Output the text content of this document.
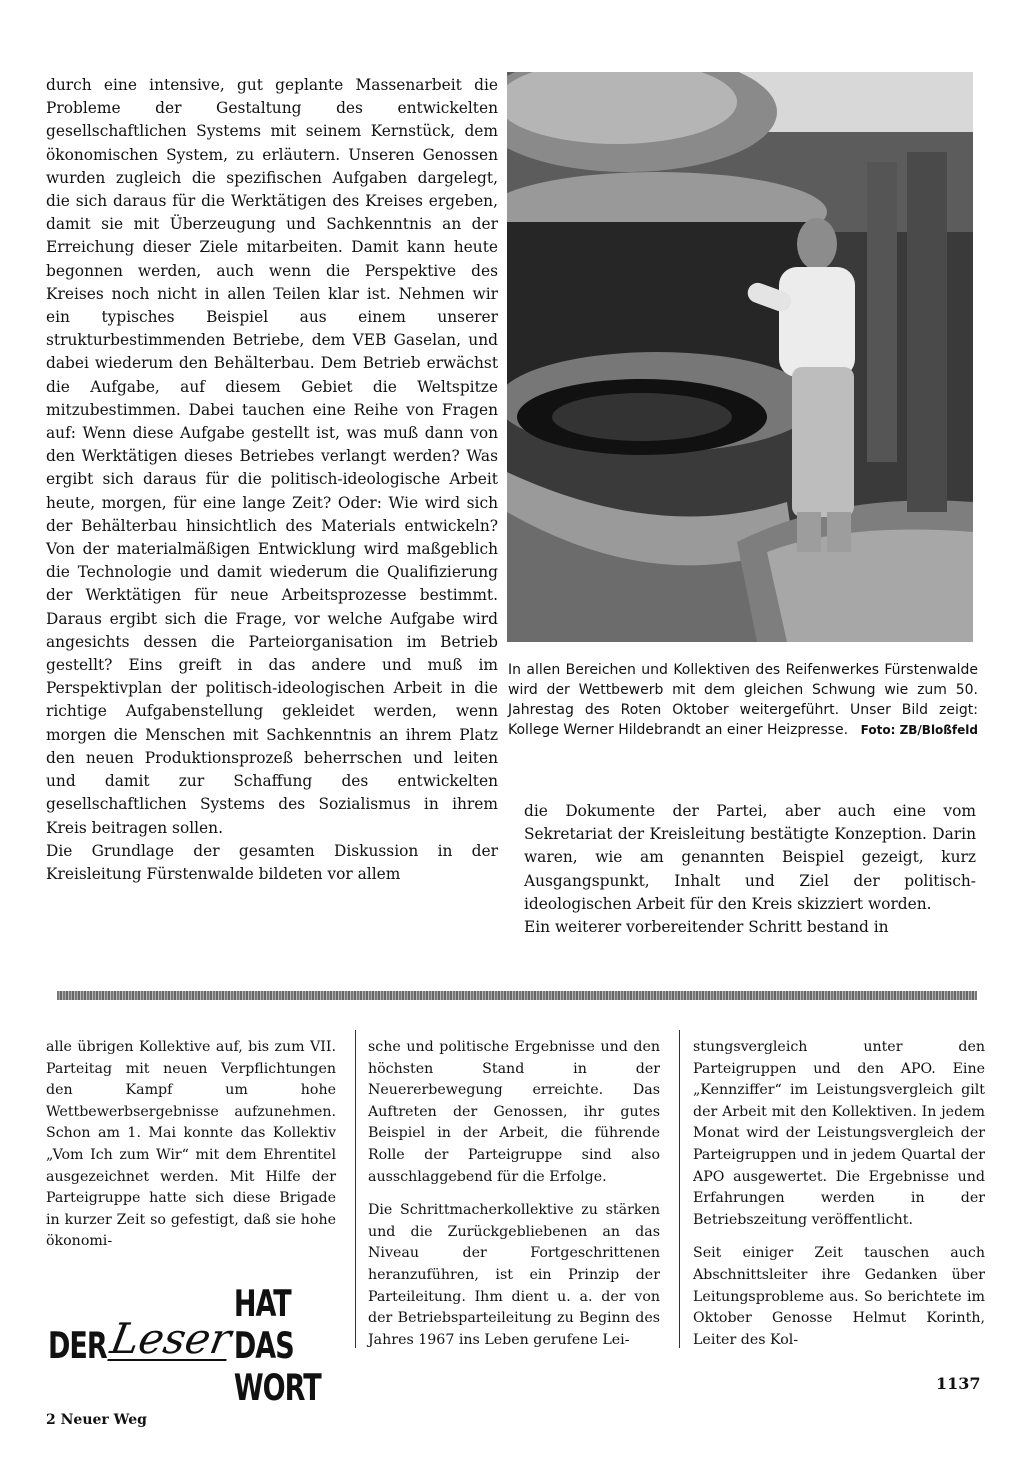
durch eine intensive, gut geplante Massenarbeit die Probleme der Gestaltung des entwickelten gesellschaftlichen Systems mit seinem Kernstück, dem ökonomischen System, zu erläutern. Unseren Genossen wurden zugleich die spezifischen Aufgaben dargelegt, die sich daraus für die Werktätigen des Kreises ergeben, damit sie mit Überzeugung und Sachkenntnis an der Erreichung dieser Ziele mitarbeiten. Damit kann heute begonnen werden, auch wenn die Perspektive des Kreises noch nicht in allen Teilen klar ist. Nehmen wir ein typisches Beispiel aus einem unserer strukturbestimmenden Betriebe, dem VEB Gaselan, und dabei wiederum den Behälterbau. Dem Betrieb erwächst die Aufgabe, auf diesem Gebiet die Weltspitze mitzubestimmen. Dabei tauchen eine Reihe von Fragen auf: Wenn diese Aufgabe gestellt ist, was muß dann von den Werktätigen dieses Betriebes verlangt werden? Was ergibt sich daraus für die politisch-ideologische Arbeit heute, morgen, für eine lange Zeit? Oder: Wie wird sich der Behälterbau hinsichtlich des Materials entwickeln? Von der materialmäßigen Entwicklung wird maßgeblich die Technologie und damit wiederum die Qualifizierung der Werktätigen für neue Arbeitsprozesse bestimmt. Daraus ergibt sich die Frage, vor welche Aufgabe wird angesichts dessen die Parteiorganisation im Betrieb gestellt? Eins greift in das andere und muß im Perspektivplan der politisch-ideologischen Arbeit in die richtige Aufgabenstellung gekleidet werden, wenn morgen die Menschen mit Sachkenntnis an ihrem Platz den neuen Produktionsprozeß beherrschen und leiten und damit zur Schaffung des entwickelten gesellschaftlichen Systems des Sozialismus in ihrem Kreis beitragen sollen.

Die Grundlage der gesamten Diskussion in der Kreisleitung Fürstenwalde bildeten vor allem

In allen Bereichen und Kollektiven des Reifenwerkes Fürstenwalde wird der Wettbewerb mit dem gleichen Schwung wie zum 50. Jahrestag des Roten Oktober weitergeführt. Unser Bild zeigt: Kollege Werner Hildebrandt an einer Heizpresse. Foto: ZB/Bloßfeld

die Dokumente der Partei, aber auch eine vom Sekretariat der Kreisleitung bestätigte Konzeption. Darin waren, wie am genannten Beispiel gezeigt, kurz Ausgangspunkt, Inhalt und Ziel der politisch-ideologischen Arbeit für den Kreis skizziert worden.

Ein weiterer vorbereitender Schritt bestand in

alle übrigen Kollektive auf, bis zum VII. Parteitag mit neuen Verpflichtungen den Kampf um hohe Wettbewerbsergebnisse aufzunehmen. Schon am 1. Mai konnte das Kollektiv „Vom Ich zum Wir“ mit dem Ehrentitel ausgezeichnet werden. Mit Hilfe der Parteigruppe hatte sich diese Brigade in kurzer Zeit so gefestigt, daß sie hohe ökonomi-

sche und politische Ergebnisse und den höchsten Stand in der Neuererbewegung erreichte. Das Auftreten der Genossen, ihr gutes Beispiel in der Arbeit, die führende Rolle der Parteigruppe sind also ausschlaggebend für die Erfolge.

Die Schrittmacherkollektive zu stärken und die Zurückgebliebenen an das Niveau der Fortgeschrittenen heranzuführen, ist ein Prinzip der Parteileitung. Ihm dient u. a. der von der Betriebsparteileitung zu Beginn des Jahres 1967 ins Leben gerufene Lei-

stungsvergleich unter den Parteigruppen und den APO. Eine „Kennziffer“ im Leistungsvergleich gilt der Arbeit mit den Kollektiven. In jedem Monat wird der Leistungsvergleich der Parteigruppen und in jedem Quartal der APO ausgewertet. Die Ergebnisse und Erfahrungen werden in der Betriebszeitung veröffentlicht.

Seit einiger Zeit tauschen auch Abschnittsleiter ihre Gedanken über Leitungsprobleme aus. So berichtete im Oktober Genosse Helmut Korinth, Leiter des Kol-

DER Leser
HAT DAS WORT
2 Neuer Weg
1137
